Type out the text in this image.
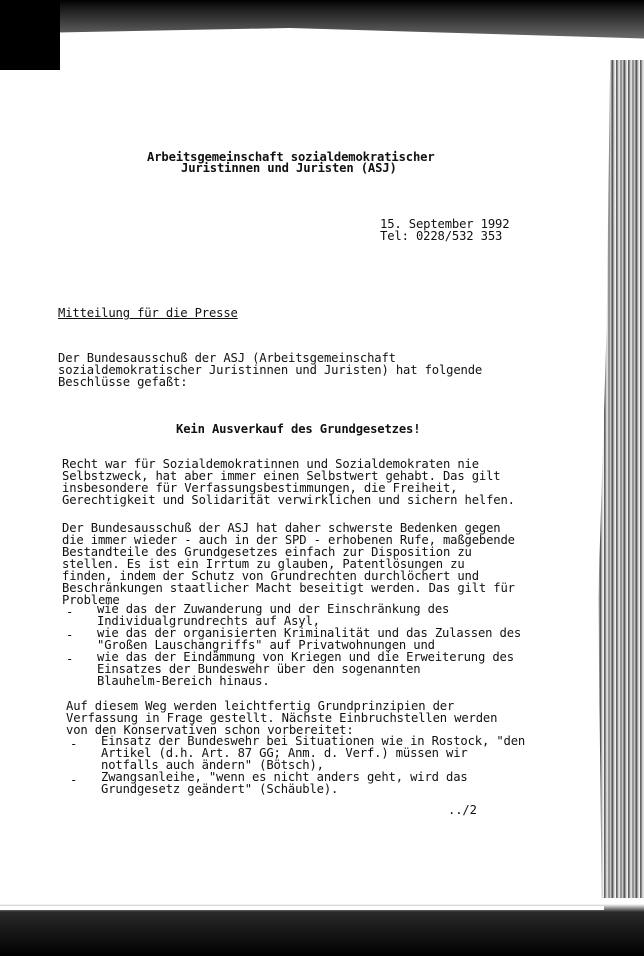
Arbeitsgemeinschaft sozialdemokratischer
Juristinnen und Juristen (ASJ)
15. September 1992
Tel: 0228/532 353
Mitteilung für die Presse
Der Bundesausschuß der ASJ (Arbeitsgemeinschaft
sozialdemokratischer Juristinnen und Juristen) hat folgende
Beschlüsse gefaßt:
Kein Ausverkauf des Grundgesetzes!
Recht war für Sozialdemokratinnen und Sozialdemokraten nie
Selbstzweck, hat aber immer einen Selbstwert gehabt. Das gilt
insbesondere für Verfassungsbestimmungen, die Freiheit,
Gerechtigkeit und Solidarität verwirklichen und sichern helfen.
Der Bundesausschuß der ASJ hat daher schwerste Bedenken gegen
die immer wieder - auch in der SPD - erhobenen Rufe, maßgebende
Bestandteile des Grundgesetzes einfach zur Disposition zu
stellen. Es ist ein Irrtum zu glauben, Patentlösungen zu
finden, indem der Schutz von Grundrechten durchlöchert und
Beschränkungen staatlicher Macht beseitigt werden. Das gilt für
Probleme
- wie das der Zuwanderung und der Einschränkung des
Individualgrundrechts auf Asyl,
- wie das der organisierten Kriminalität und das Zulassen des
"Großen Lauschangriffs" auf Privatwohnungen und
- wie das der Eindämmung von Kriegen und die Erweiterung des
Einsatzes der Bundeswehr über den sogenannten
Blauhelm-Bereich hinaus.
Auf diesem Weg werden leichtfertig Grundprinzipien der
Verfassung in Frage gestellt. Nächste Einbruchstellen werden
von den Konservativen schon vorbereitet:
- Einsatz der Bundeswehr bei Situationen wie in Rostock, "den
Artikel (d.h. Art. 87 GG; Anm. d. Verf.) müssen wir
notfalls auch ändern" (Bötsch),
- Zwangsanleihe, "wenn es nicht anders geht, wird das
Grundgesetz geändert" (Schäuble).
../2
